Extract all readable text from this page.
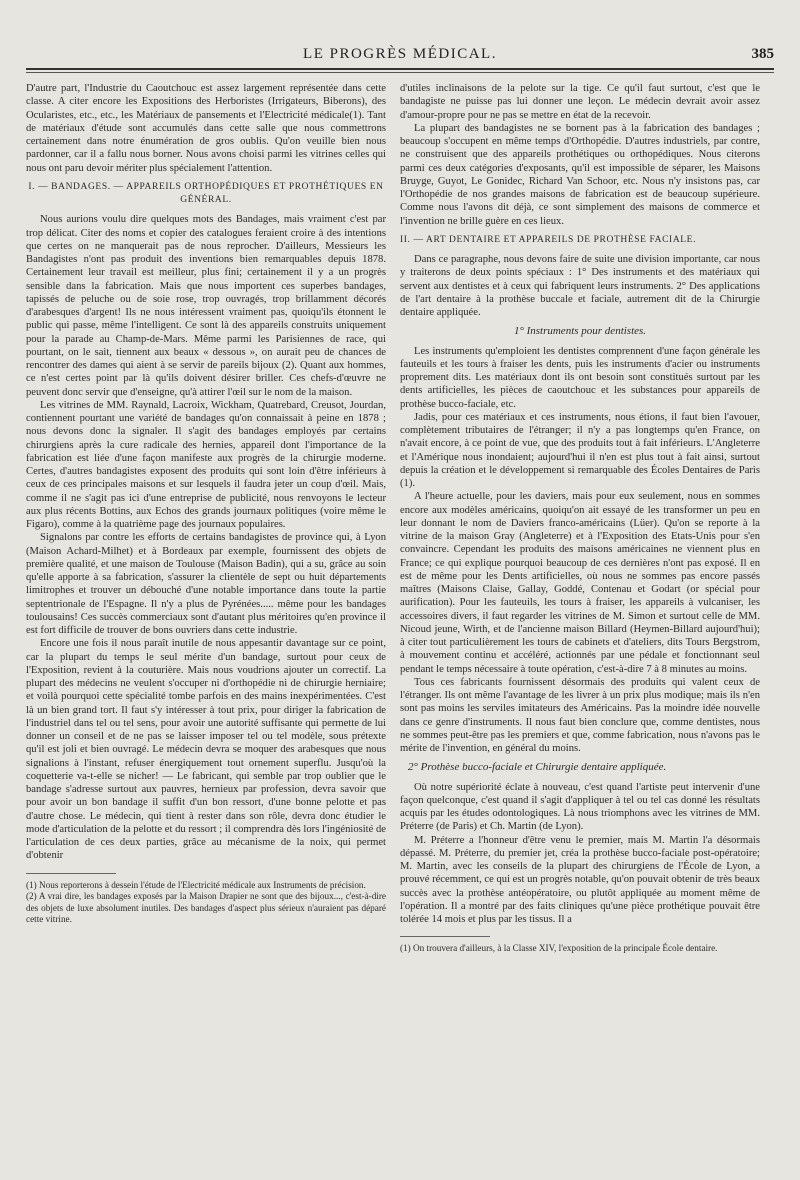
LE PROGRÈS MÉDICAL.	385

D'autre part, l'Industrie du Caoutchouc est assez largement représentée dans cette classe. A citer encore les Expositions des Herboristes (Irrigateurs, Biberons), des Ocularistes, etc., etc., les Matériaux de pansements et l'Electricité médicale(1). Tant de matériaux d'étude sont accumulés dans cette salle que nous commettrons certainement dans notre énumération de gros oublis. Qu'on veuille bien nous pardonner, car il a fallu nous borner. Nous avons choisi parmi les vitrines celles qui nous ont paru devoir mériter plus spécialement l'attention.

I. — BANDAGES. — APPAREILS ORTHOPÉDIQUES ET PROTHÉTIQUES EN GÉNÉRAL.

Nous aurions voulu dire quelques mots des Bandages, mais vraiment c'est par trop délicat. Citer des noms et copier des catalogues feraient croire à des intentions que certes on ne manquerait pas de nous reprocher. D'ailleurs, Messieurs les Bandagistes n'ont pas produit des inventions bien remarquables depuis 1878. Certainement leur travail est meilleur, plus fini; certainement il y a un progrès sensible dans la fabrication. Mais que nous importent ces superbes bandages, tapissés de peluche ou de soie rose, trop ouvragés, trop brillamment décorés d'arabesques d'argent! Ils ne nous intéressent vraiment pas, quoiqu'ils étonnent le public qui passe, même l'intelligent. Ce sont là des appareils construits uniquement pour la parade au Champ-de-Mars. Même parmi les Parisiennes de race, qui pourtant, on le sait, tiennent aux beaux « dessous », on aurait peu de chances de rencontrer des dames qui aient à se servir de pareils bijoux (2). Quant aux hommes, ce n'est certes point par là qu'ils doivent désirer briller. Ces chefs-d'œuvre ne peuvent donc servir que d'enseigne, qu'à attirer l'œil sur le nom de la maison.

Les vitrines de MM. Raynald, Lacroix, Wickham, Quatrebard, Creusot, Jourdan, contiennent pourtant une variété de bandages qu'on connaissait à peine en 1878 ; nous devons donc la signaler. Il s'agit des bandages employés par certains chirurgiens après la cure radicale des hernies, appareil dont l'importance de la fabrication est liée d'une façon manifeste aux progrès de la chirurgie moderne. Certes, d'autres bandagistes exposent des produits qui sont loin d'être inférieurs à ceux de ces principales maisons et sur lesquels il faudra jeter un coup d'œil. Mais, comme il ne s'agit pas ici d'une entreprise de publicité, nous renvoyons le lecteur aux plus récents Bottins, aux Echos des grands journaux politiques (voire même le Figaro), comme à la quatrième page des journaux populaires.

Signalons par contre les efforts de certains bandagistes de province qui, à Lyon (Maison Achard-Milhet) et à Bordeaux par exemple, fournissent des objets de première qualité, et une maison de Toulouse (Maison Badin), qui a su, grâce au soin qu'elle apporte à sa fabrication, s'assurer la clientèle de sept ou huit départements limitrophes et trouver un débouché d'une notable importance dans toute la partie septentrionale de l'Espagne. Il n'y a plus de Pyrénées..... même pour les bandages toulousains! Ces succès commerciaux sont d'autant plus méritoires qu'en province il est fort difficile de trouver de bons ouvriers dans cette industrie.

Encore une fois il nous paraît inutile de nous appesantir davantage sur ce point, car la plupart du temps le seul mérite d'un bandage, surtout pour ceux de l'Exposition, revient à la couturière. Mais nous voudrions ajouter un correctif. La plupart des médecins ne veulent s'occuper ni d'orthopédie ni de chirurgie herniaire; et voilà pourquoi cette spécialité tombe parfois en des mains inexpérimentées. C'est là un bien grand tort. Il faut s'y intéresser à tout prix, pour diriger la fabrication de l'industriel dans tel ou tel sens, pour avoir une autorité suffisante qui permette de lui donner un conseil et de ne pas se laisser imposer tel ou tel modèle, sous prétexte qu'il est joli et bien ouvragé. Le médecin devra se moquer des arabesques que nous signalions à l'instant, refuser énergiquement tout ornement superflu. Jusqu'où la coquetterie va-t-elle se nicher! — Le fabricant, qui semble par trop oublier que le bandage s'adresse surtout aux pauvres, hernieux par profession, devra savoir que pour avoir un bon bandage il suffit d'un bon ressort, d'une bonne pelotte et pas d'autre chose. Le médecin, qui tient à rester dans son rôle, devra donc étudier le mode d'articulation de la pelotte et du ressort ; il comprendra dès lors l'ingéniosité de l'articulation de ces deux parties, grâce au mécanisme de la noix, qui permet d'obtenir

(1) Nous reporterons à dessein l'étude de l'Electricité médicale aux Instruments de précision.

(2) A vrai dire, les bandages exposés par la Maison Drapier ne sont que des bijoux..., c'est-à-dire des objets de luxe absolument inutiles. Des bandages d'aspect plus sérieux n'auraient pas déparé cette vitrine.

d'utiles inclinaisons de la pelote sur la tige. Ce qu'il faut surtout, c'est que le bandagiste ne puisse pas lui donner une leçon. Le médecin devrait avoir assez d'amour-propre pour ne pas se mettre en état de la recevoir.

La plupart des bandagistes ne se bornent pas à la fabrication des bandages ; beaucoup s'occupent en même temps d'Orthopédie. D'autres industriels, par contre, ne construisent que des appareils prothétiques ou orthopédiques. Nous citerons parmi ces deux catégories d'exposants, qu'il est impossible de séparer, les Maisons Bruyge, Guyot, Le Gonidec, Richard Van Schoor, etc. Nous n'y insistons pas, car l'Orthopédie de nos grandes maisons de fabrication est de beaucoup supérieure. Comme nous l'avons dit déjà, ce sont simplement des maisons de commerce et l'invention ne brille guère en ces lieux.

II. — ART DENTAIRE ET APPAREILS DE PROTHÈSE FACIALE.

Dans ce paragraphe, nous devons faire de suite une division importante, car nous y traiterons de deux points spéciaux : 1° Des instruments et des matériaux qui servent aux dentistes et à ceux qui fabriquent leurs instruments. 2° Des applications de l'art dentaire à la prothèse buccale et faciale, autrement dit de la Chirurgie dentaire appliquée.

1° Instruments pour dentistes.

Les instruments qu'emploient les dentistes comprennent d'une façon générale les fauteuils et les tours à fraiser les dents, puis les instruments d'acier ou instruments proprement dits. Les matériaux dont ils ont besoin sont constitués surtout par les dents artificielles, les pièces de caoutchouc et les substances pour appareils de prothèse bucco-faciale, etc.

Jadis, pour ces matériaux et ces instruments, nous étions, il faut bien l'avouer, complètement tributaires de l'étranger; il n'y a pas longtemps qu'en France, on n'avait encore, à ce point de vue, que des produits tout à fait inférieurs. L'Angleterre et l'Amérique nous inondaient; aujourd'hui il n'en est plus tout à fait ainsi, surtout depuis la création et le développement si remarquable des Écoles Dentaires de Paris (1).

A l'heure actuelle, pour les daviers, mais pour eux seulement, nous en sommes encore aux modèles américains, quoiqu'on ait essayé de les transformer un peu en leur donnant le nom de Daviers franco-américains (Lüer). Qu'on se reporte à la vitrine de la maison Gray (Angleterre) et à l'Exposition des Etats-Unis pour s'en convaincre. Cependant les produits des maisons américaines ne viennent plus en France; ce qui explique pourquoi beaucoup de ces dernières n'ont pas exposé. Il en est de même pour les Dents artificielles, où nous ne sommes pas encore passés maîtres (Maisons Claise, Gallay, Goddé, Contenau et Godart (or spécial pour aurification). Pour les fauteuils, les tours à fraiser, les appareils à vulcaniser, les accessoires divers, il faut regarder les vitrines de M. Simon et surtout celle de MM. Nicoud jeune, Wirth, et de l'ancienne maison Billard (Heymen-Billard aujourd'hui); à citer tout particulièrement les tours de cabinets et d'ateliers, dits Tours Bergstrom, à mouvement continu et accéléré, actionnés par une pédale et fonctionnant seul pendant le temps nécessaire à toute opération, c'est-à-dire 7 à 8 minutes au moins.

Tous ces fabricants fournissent désormais des produits qui valent ceux de l'étranger. Ils ont même l'avantage de les livrer à un prix plus modique; mais ils n'en sont pas moins les serviles imitateurs des Américains. Pas la moindre idée nouvelle dans ce genre d'instruments. Il nous faut bien conclure que, comme dentistes, nous ne sommes peut-être pas les premiers et que, comme fabrication, nous n'avons pas le mérite de l'invention, en général du moins.

2° Prothèse bucco-faciale et Chirurgie dentaire appliquée.

Où notre supériorité éclate à nouveau, c'est quand l'artiste peut intervenir d'une façon quelconque, c'est quand il s'agit d'appliquer à tel ou tel cas donné les résultats acquis par les études odontologiques. Là nous triomphons avec les vitrines de MM. Préterre (de Paris) et Ch. Martin (de Lyon).

M. Préterre a l'honneur d'être venu le premier, mais M. Martin l'a désormais dépassé. M. Préterre, du premier jet, créa la prothèse bucco-faciale post-opératoire; M. Martin, avec les conseils de la plupart des chirurgiens de l'École de Lyon, a prouvé récemment, ce qui est un progrès notable, qu'on pouvait obtenir de très beaux succès avec la prothèse antéopératoire, ou plutôt appliquée au moment même de l'opération. Il a montré par des faits cliniques qu'une pièce prothétique pouvait être tolérée 14 mois et plus par les tissus. Il a

(1) On trouvera d'ailleurs, à la Classe XIV, l'exposition de la principale École dentaire.
